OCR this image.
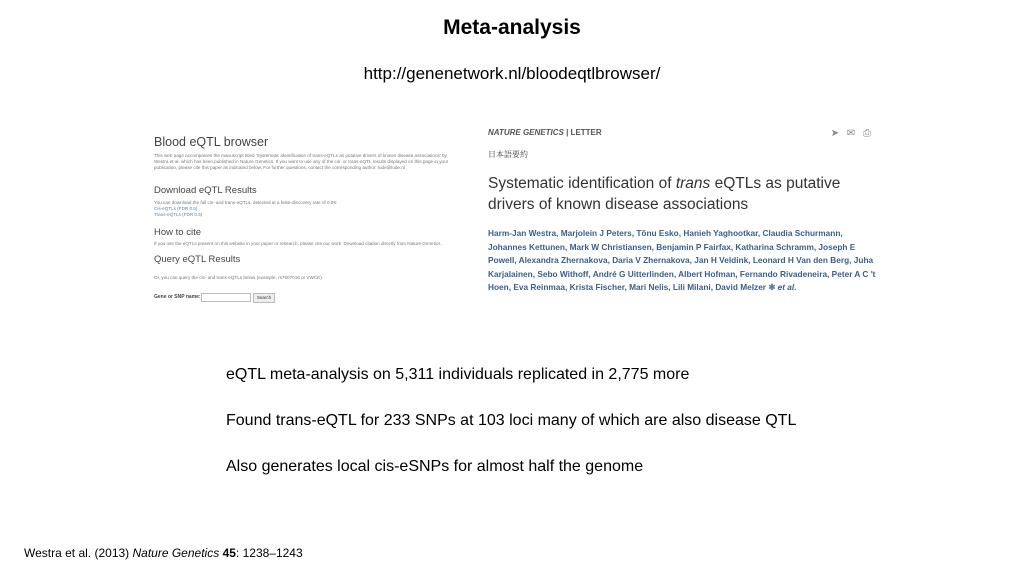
Meta-analysis
http://genenetwork.nl/bloodeqtlbrowser/
Blood eQTL browser
This web page accompanies the manuscript titled 'Systematic identification of trans-eQTLs as putative drivers of known disease associations' by Westra et al. which has been published in Nature Genetics. If you want to use any of the cis- or trans-eQTL results displayed on this page in your publication, please cite this paper as indicated below. For further questions, contact the corresponding author: lude@lude.nl
Download eQTL Results
You can download the full cis- and trans-eQTLs, detected at a false-discovery rate of 0.05:
Cis-eQTLs (FDR 0.5)
Trans-eQTLs (FDR 0.5)
How to cite
If you use the eQTLs present on this website in your paper or research, please cite our work: Download citation directly from Nature Genetics.
Query eQTL Results
Or, you can query the cis- and trans-eQTLs below (example: rs7607016 or VWCE)
Gene or SNP name:	Search
NATURE GENETICS | LETTER	➤ ✉ ⎙
日本語要約
Systematic identification of trans eQTLs as putative drivers of known disease associations
Harm-Jan Westra, Marjolein J Peters, Tõnu Esko, Hanieh Yaghootkar, Claudia Schurmann, Johannes Kettunen, Mark W Christiansen, Benjamin P Fairfax, Katharina Schramm, Joseph E Powell, Alexandra Zhernakova, Daria V Zhernakova, Jan H Veldink, Leonard H Van den Berg, Juha Karjalainen, Sebo Withoff, André G Uitterlinden, Albert Hofman, Fernando Rivadeneira, Peter A C 't Hoen, Eva Reinmaa, Krista Fischer, Mari Nelis, Lili Milani, David Melzer ✱ et al.

eQTL meta-analysis on 5,311 individuals replicated in 2,775 more

Found trans-eQTL for 233 SNPs at 103 loci many of which are also disease QTL

Also generates local cis-eSNPs for almost half the genome

Westra et al. (2013) Nature Genetics 45: 1238–1243
